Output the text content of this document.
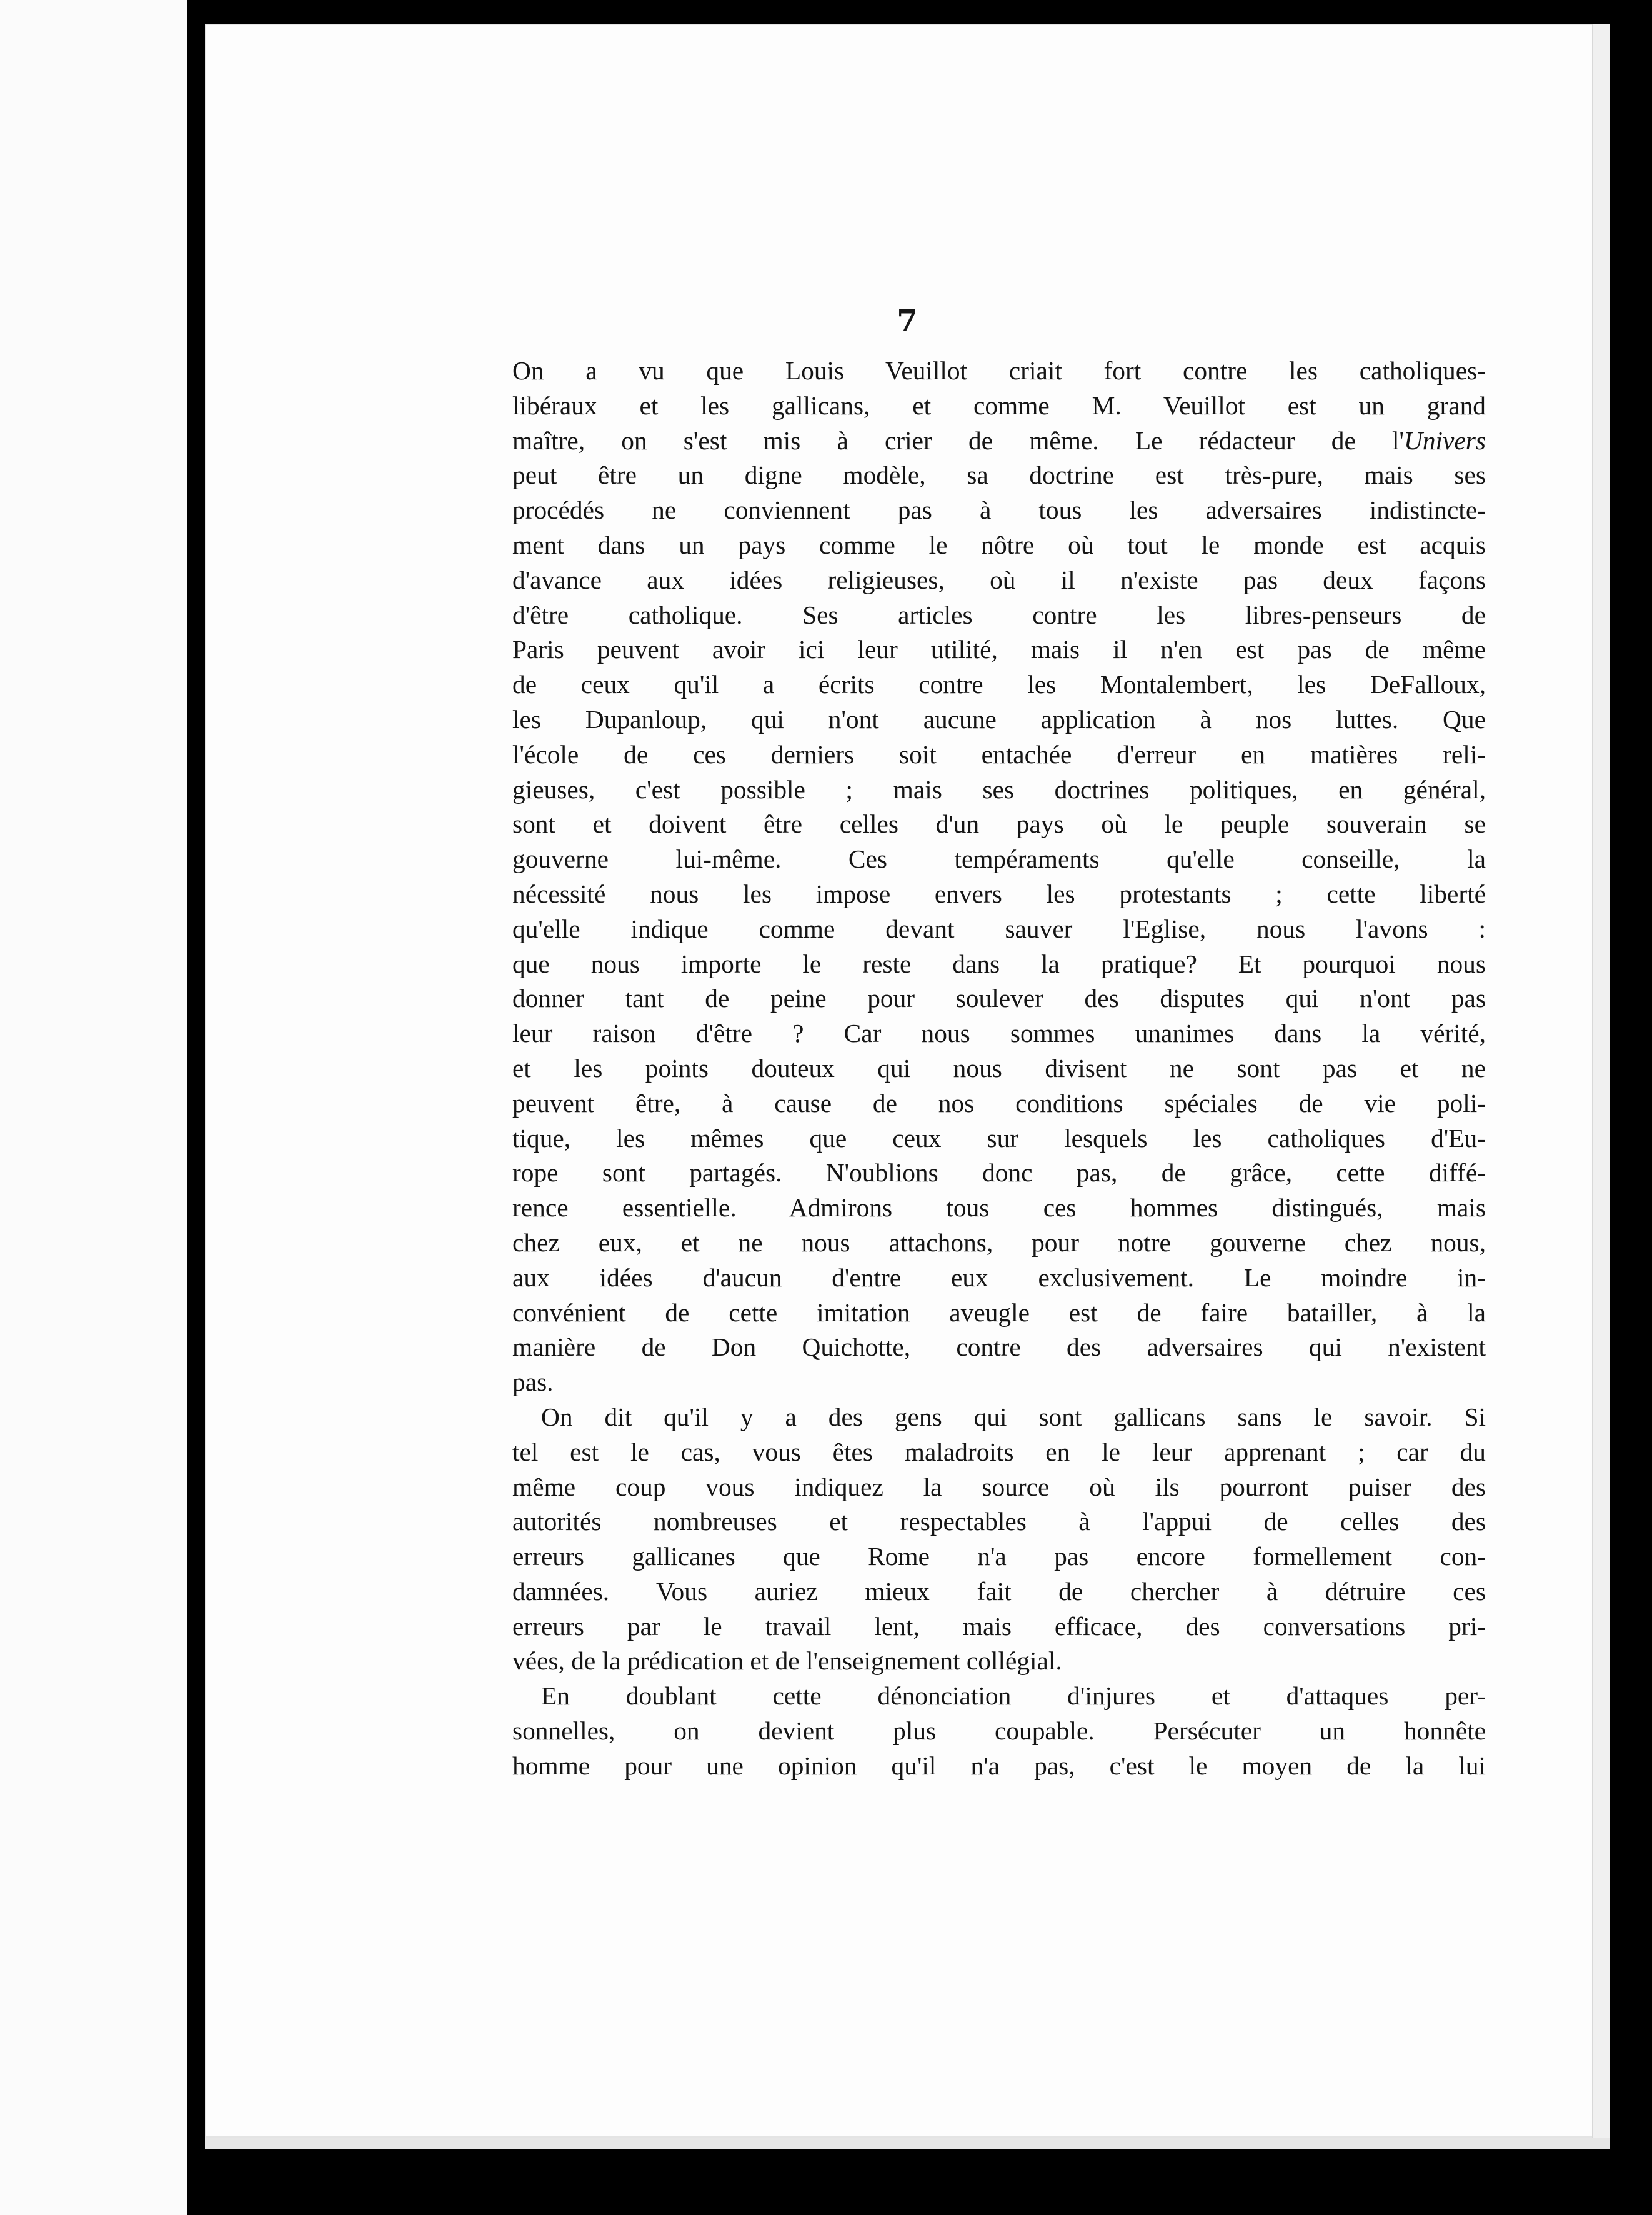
7

On a vu que Louis Veuillot criait fort contre les catholiques-
libéraux et les gallicans, et comme M. Veuillot est un grand
maître, on s'est mis à crier de même. Le rédacteur de l'Univers
peut être un digne modèle, sa doctrine est très-pure, mais ses
procédés ne conviennent pas à tous les adversaires indistincte-
ment dans un pays comme le nôtre où tout le monde est acquis
d'avance aux idées religieuses, où il n'existe pas deux façons
d'être catholique. Ses articles contre les libres-penseurs de
Paris peuvent avoir ici leur utilité, mais il n'en est pas de même
de ceux qu'il a écrits contre les Montalembert, les DeFalloux,
les Dupanloup, qui n'ont aucune application à nos luttes. Que
l'école de ces derniers soit entachée d'erreur en matières reli-
gieuses, c'est possible ; mais ses doctrines politiques, en général,
sont et doivent être celles d'un pays où le peuple souverain se
gouverne lui-même. Ces tempéraments qu'elle conseille, la
nécessité nous les impose envers les protestants ; cette liberté
qu'elle indique comme devant sauver l'Eglise, nous l'avons :
que nous importe le reste dans la pratique? Et pourquoi nous
donner tant de peine pour soulever des disputes qui n'ont pas
leur raison d'être ? Car nous sommes unanimes dans la vérité,
et les points douteux qui nous divisent ne sont pas et ne
peuvent être, à cause de nos conditions spéciales de vie poli-
tique, les mêmes que ceux sur lesquels les catholiques d'Eu-
rope sont partagés. N'oublions donc pas, de grâce, cette diffé-
rence essentielle. Admirons tous ces hommes distingués, mais
chez eux, et ne nous attachons, pour notre gouverne chez nous,
aux idées d'aucun d'entre eux exclusivement. Le moindre in-
convénient de cette imitation aveugle est de faire batailler, à la
manière de Don Quichotte, contre des adversaires qui n'existent
pas.

On dit qu'il y a des gens qui sont gallicans sans le savoir. Si
tel est le cas, vous êtes maladroits en le leur apprenant ; car du
même coup vous indiquez la source où ils pourront puiser des
autorités nombreuses et respectables à l'appui de celles des
erreurs gallicanes que Rome n'a pas encore formellement con-
damnées. Vous auriez mieux fait de chercher à détruire ces
erreurs par le travail lent, mais efficace, des conversations pri-
vées, de la prédication et de l'enseignement collégial.

En doublant cette dénonciation d'injures et d'attaques per-
sonnelles, on devient plus coupable. Persécuter un honnête
homme pour une opinion qu'il n'a pas, c'est le moyen de la lui
